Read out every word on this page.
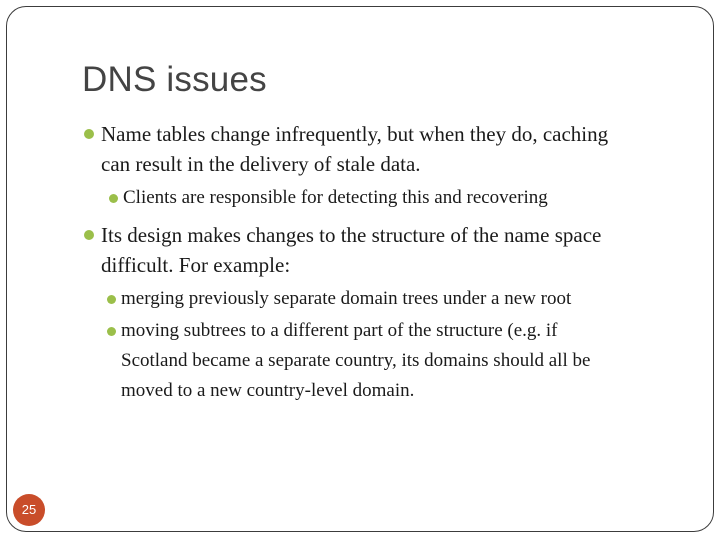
DNS issues
Name tables change infrequently, but when they do, caching
can result in the delivery of stale data.
Clients are responsible for detecting this and recovering
Its design makes changes to the structure of the name space
difficult. For example:
merging previously separate domain trees under a new root
moving subtrees to a different part of the structure (e.g. if
Scotland became a separate country, its domains should all be
moved to a new country-level domain.
25
